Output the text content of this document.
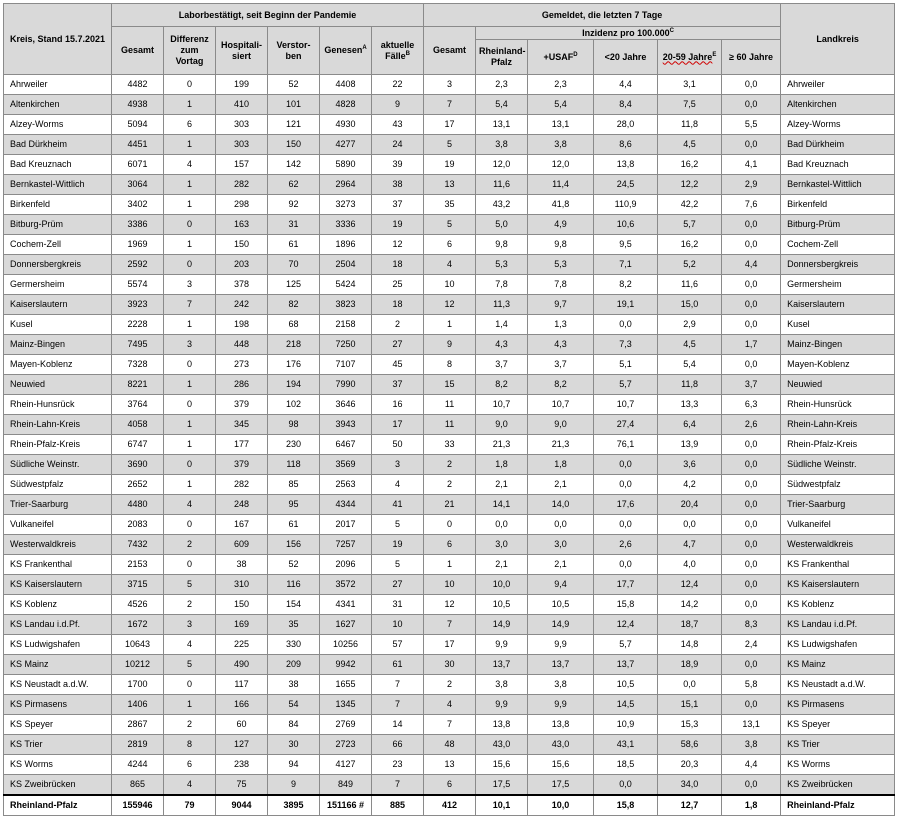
Kreis, Stand 15.7.2021	Laborbestätigt, seit Beginn der Pandemie						Gemeldet, die letzten 7 Tage						Landkreis
	Gesamt	Differenz zum Vortag	Hospitali-siert	Verstor-ben	Genesen$^A$	aktuelle Fälle$^B$	Gesamt	Inzidenz pro $100.000^C$
								Rheinland-Pfalz	$+USAF^D$	<20 Jahre	20-59 Jahre$^E$	≥ 60 Jahre	
Ahrweiler	4482	0	199	52	4408	22	3	2,3	2,3	4,4	3,1	0,0	Ahrweiler
Altenkirchen	4938	1	410	101	4828	9	7	5,4	5,4	8,4	7,5	0,0	Altenkirchen
Alzey-Worms	5094	6	303	121	4930	43	17	13,1	13,1	28,0	11,8	5,5	Alzey-Worms
Bad Dürkheim	4451	1	303	150	4277	24	5	3,8	3,8	8,6	4,5	0,0	Bad Dürkheim
Bad Kreuznach	6071	4	157	142	5890	39	19	12,0	12,0	13,8	16,2	4,1	Bad Kreuznach
Bernkastel-Wittlich	3064	1	282	62	2964	38	13	11,6	11,4	24,5	12,2	2,9	Bernkastel-Wittlich
Birkenfeld	3402	1	298	92	3273	37	35	43,2	41,8	110,9	42,2	7,6	Birkenfeld
Bitburg-Prüm	3386	0	163	31	3336	19	5	5,0	4,9	10,6	5,7	0,0	Bitburg-Prüm
Cochem-Zell	1969	1	150	61	1896	12	6	9,8	9,8	9,5	16,2	0,0	Cochem-Zell
Donnersbergkreis	2592	0	203	70	2504	18	4	5,3	5,3	7,1	5,2	4,4	Donnersbergkreis
Germersheim	5574	3	378	125	5424	25	10	7,8	7,8	8,2	11,6	0,0	Germersheim
Kaiserslautern	3923	7	242	82	3823	18	12	11,3	9,7	19,1	15,0	0,0	Kaiserslautern
Kusel	2228	1	198	68	2158	2	1	1,4	1,3	0,0	2,9	0,0	Kusel
Mainz-Bingen	7495	3	448	218	7250	27	9	4,3	4,3	7,3	4,5	1,7	Mainz-Bingen
Mayen-Koblenz	7328	0	273	176	7107	45	8	3,7	3,7	5,1	5,4	0,0	Mayen-Koblenz
Neuwied	8221	1	286	194	7990	37	15	8,2	8,2	5,7	11,8	3,7	Neuwied
Rhein-Hunsrück	3764	0	379	102	3646	16	11	10,7	10,7	10,7	13,3	6,3	Rhein-Hunsrück
Rhein-Lahn-Kreis	4058	1	345	98	3943	17	11	9,0	9,0	27,4	6,4	2,6	Rhein-Lahn-Kreis
Rhein-Pfalz-Kreis	6747	1	177	230	6467	50	33	21,3	21,3	76,1	13,9	0,0	Rhein-Pfalz-Kreis
Südliche Weinstr.	3690	0	379	118	3569	3	2	1,8	1,8	0,0	3,6	0,0	Südliche Weinstr.
Südwestpfalz	2652	1	282	85	2563	4	2	2,1	2,1	0,0	4,2	0,0	Südwestpfalz
Trier-Saarburg	4480	4	248	95	4344	41	21	14,1	14,0	17,6	20,4	0,0	Trier-Saarburg
Vulkaneifel	2083	0	167	61	2017	5	0	0,0	0,0	0,0	0,0	0,0	Vulkaneifel
Westerwaldkreis	7432	2	609	156	7257	19	6	3,0	3,0	2,6	4,7	0,0	Westerwaldkreis
KS Frankenthal	2153	0	38	52	2096	5	1	2,1	2,1	0,0	4,0	0,0	KS Frankenthal
KS Kaiserslautern	3715	5	310	116	3572	27	10	10,0	9,4	17,7	12,4	0,0	KS Kaiserslautern
KS Koblenz	4526	2	150	154	4341	31	12	10,5	10,5	15,8	14,2	0,0	KS Koblenz
KS Landau i.d.Pf.	1672	3	169	35	1627	10	7	14,9	14,9	12,4	18,7	8,3	KS Landau i.d.Pf.
KS Ludwigshafen	10643	4	225	330	10256	57	17	9,9	9,9	5,7	14,8	2,4	KS Ludwigshafen
KS Mainz	10212	5	490	209	9942	61	30	13,7	13,7	13,7	18,9	0,0	KS Mainz
KS Neustadt a.d.W.	1700	0	117	38	1655	7	2	3,8	3,8	10,5	0,0	5,8	KS Neustadt a.d.W.
KS Pirmasens	1406	1	166	54	1345	7	4	9,9	9,9	14,5	15,1	0,0	KS Pirmasens
KS Speyer	2867	2	60	84	2769	14	7	13,8	13,8	10,9	15,3	13,1	KS Speyer
KS Trier	2819	8	127	30	2723	66	48	43,0	43,0	43,1	58,6	3,8	KS Trier
KS Worms	4244	6	238	94	4127	23	13	15,6	15,6	18,5	20,3	4,4	KS Worms
KS Zweibrücken	865	4	75	9	849	7	6	17,5	17,5	0,0	34,0	0,0	KS Zweibrücken
Rheinland-Pfalz	155946	79	9044	3895	151166 #	885	412	10,1	10,0	15,8	12,7	1,8	Rheinland-Pfalz
